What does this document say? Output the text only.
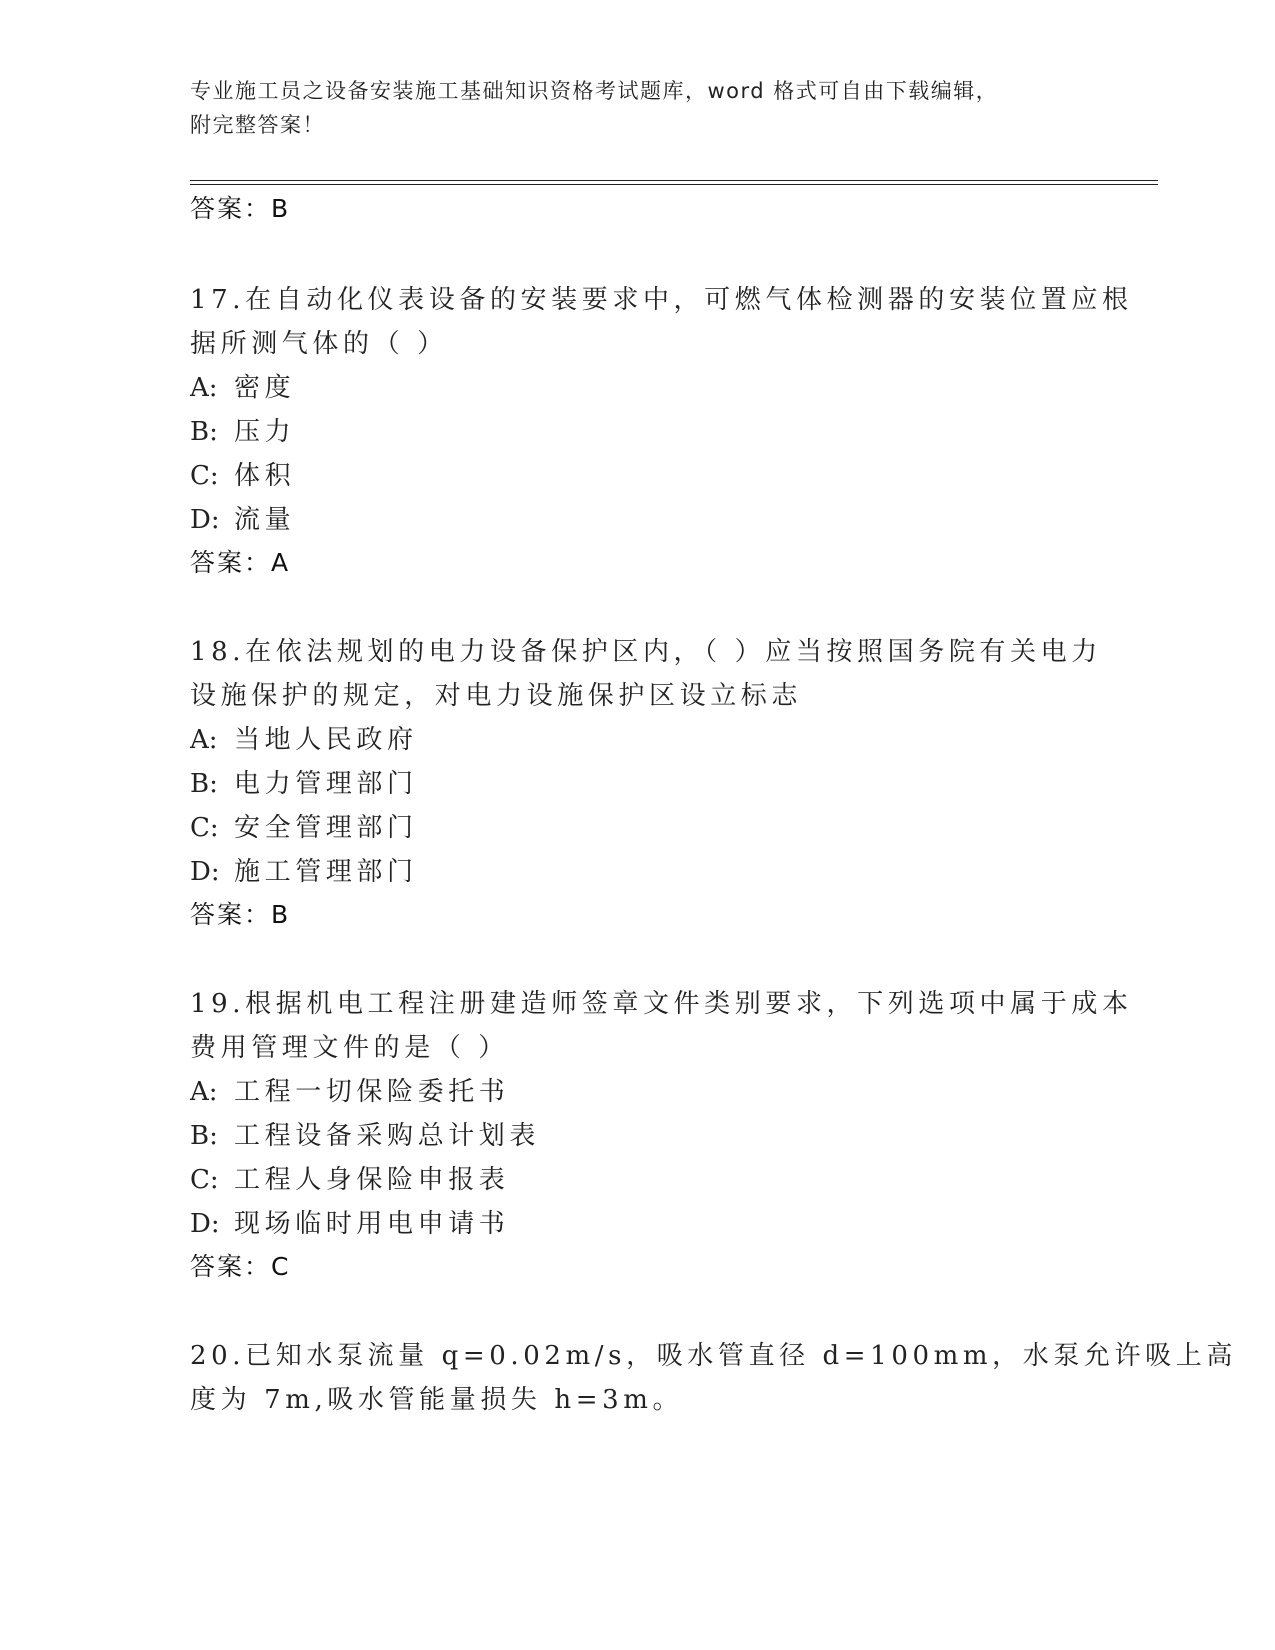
专业施工员之设备安装施工基础知识资格考试题库，word 格式可自由下载编辑，
附完整答案！
答案：B
17.在自动化仪表设备的安装要求中，可燃气体检测器的安装位置应根
据所测气体的（ ）
A: 密度
B: 压力
C: 体积
D: 流量
答案：A
18.在依法规划的电力设备保护区内，（ ）应当按照国务院有关电力
设施保护的规定，对电力设施保护区设立标志
A: 当地人民政府
B: 电力管理部门
C: 安全管理部门
D: 施工管理部门
答案：B
19.根据机电工程注册建造师签章文件类别要求，下列选项中属于成本
费用管理文件的是（ ）
A: 工程一切保险委托书
B: 工程设备采购总计划表
C: 工程人身保险申报表
D: 现场临时用电申请书
答案：C
20.已知水泵流量 q=0.02m/s，吸水管直径 d=100mm，水泵允许吸上高
度为 7m,吸水管能量损失 h=3m。
